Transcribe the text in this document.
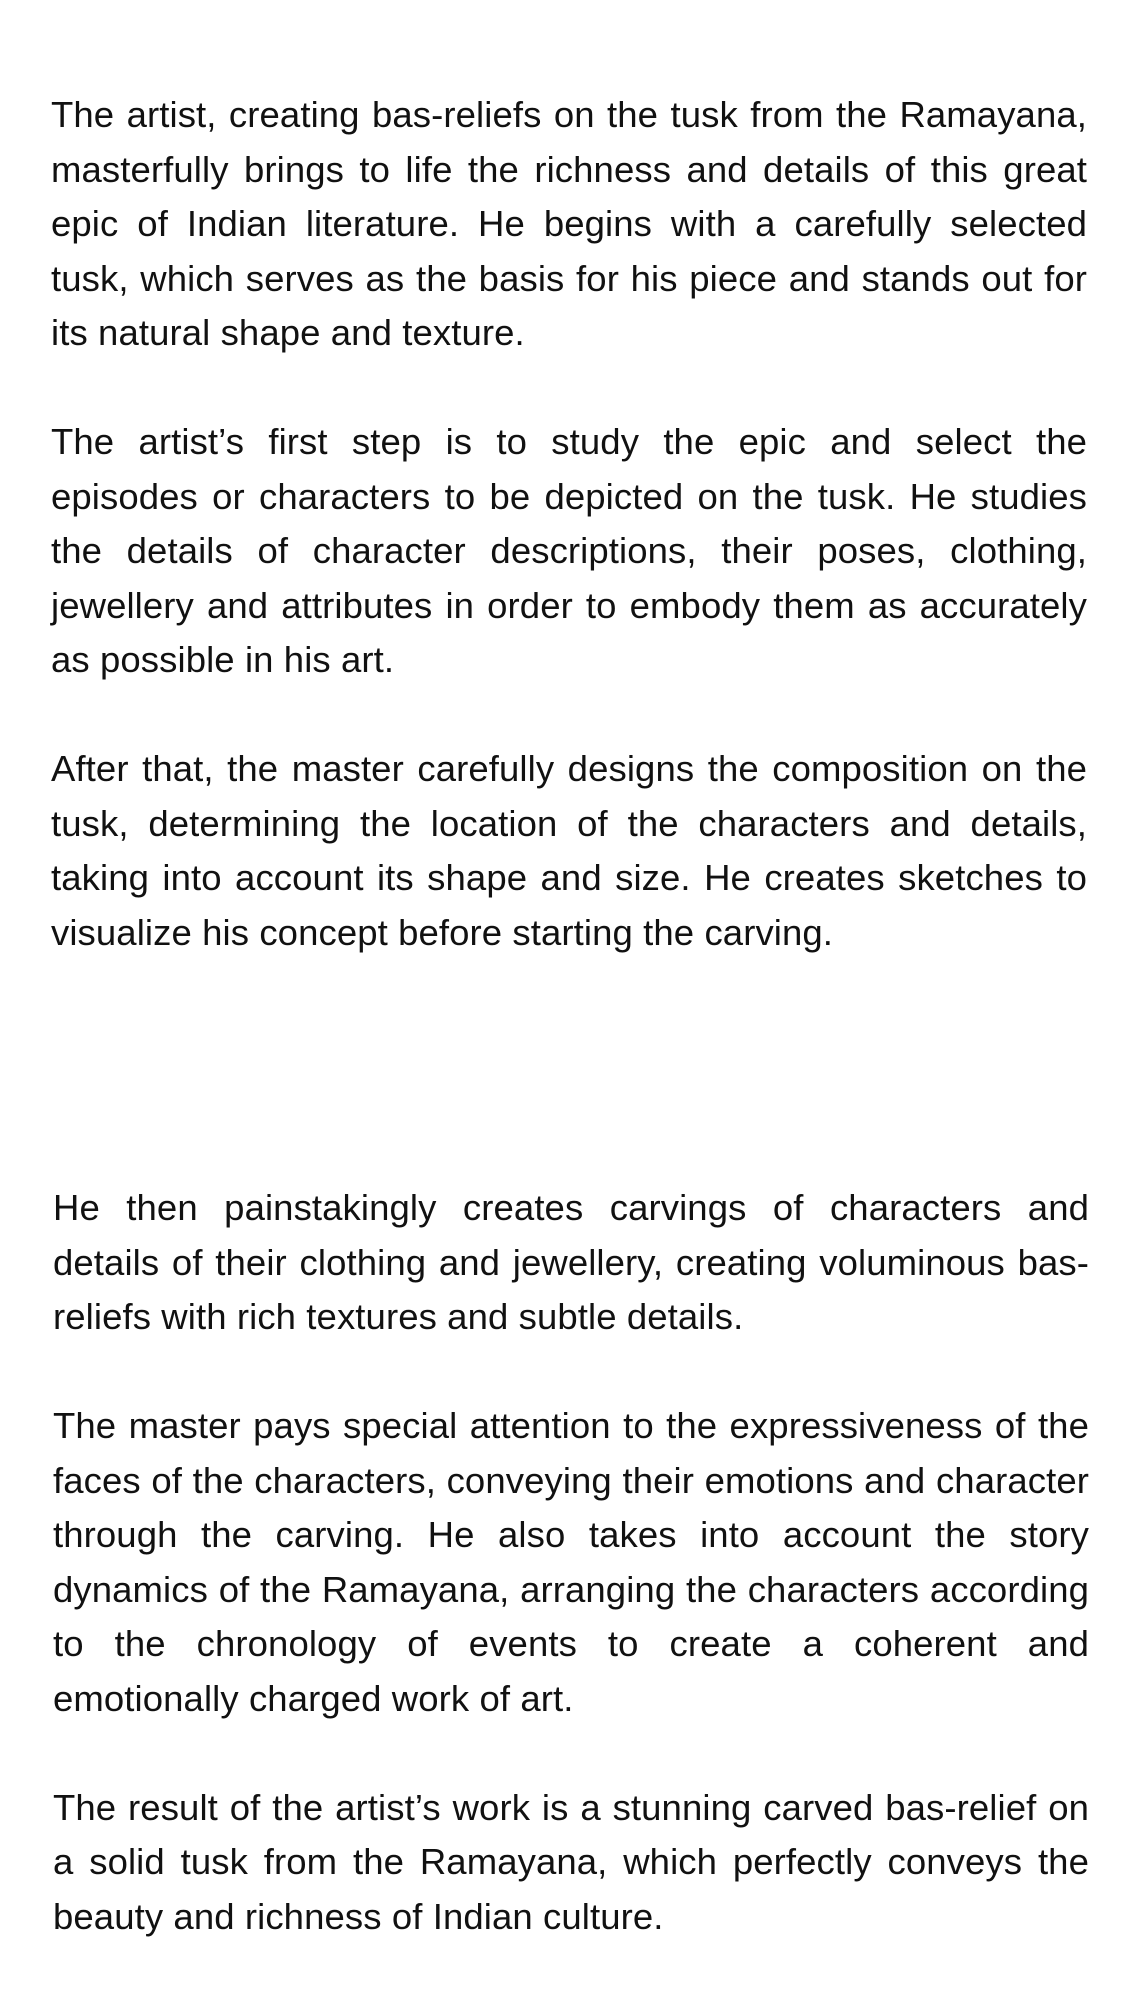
The artist, creating bas-reliefs on the tusk from the Ramayana, masterfully brings to life the richness and details of this great epic of Indian literature. He begins with a carefully selected tusk, which serves as the basis for his piece and stands out for its natural shape and texture.

The artist’s first step is to study the epic and select the episodes or characters to be depicted on the tusk. He studies the details of character descriptions, their poses, clothing, jewellery and attributes in order to embody them as accurately as possible in his art.

After that, the master carefully designs the composition on the tusk, determining the location of the characters and details, taking into account its shape and size. He creates sketches to visualize his concept before starting the carving.

He then painstakingly creates carvings of characters and details of their clothing and jewellery, creating voluminous bas-reliefs with rich textures and subtle details.

The master pays special attention to the expressiveness of the faces of the characters, conveying their emotions and character through the carving. He also takes into account the story dynamics of the Ramayana, arranging the characters according to the chronology of events to create a coherent and emotionally charged work of art.

The result of the artist’s work is a stunning carved bas-relief on a solid tusk from the Ramayana, which perfectly conveys the beauty and richness of Indian culture.
